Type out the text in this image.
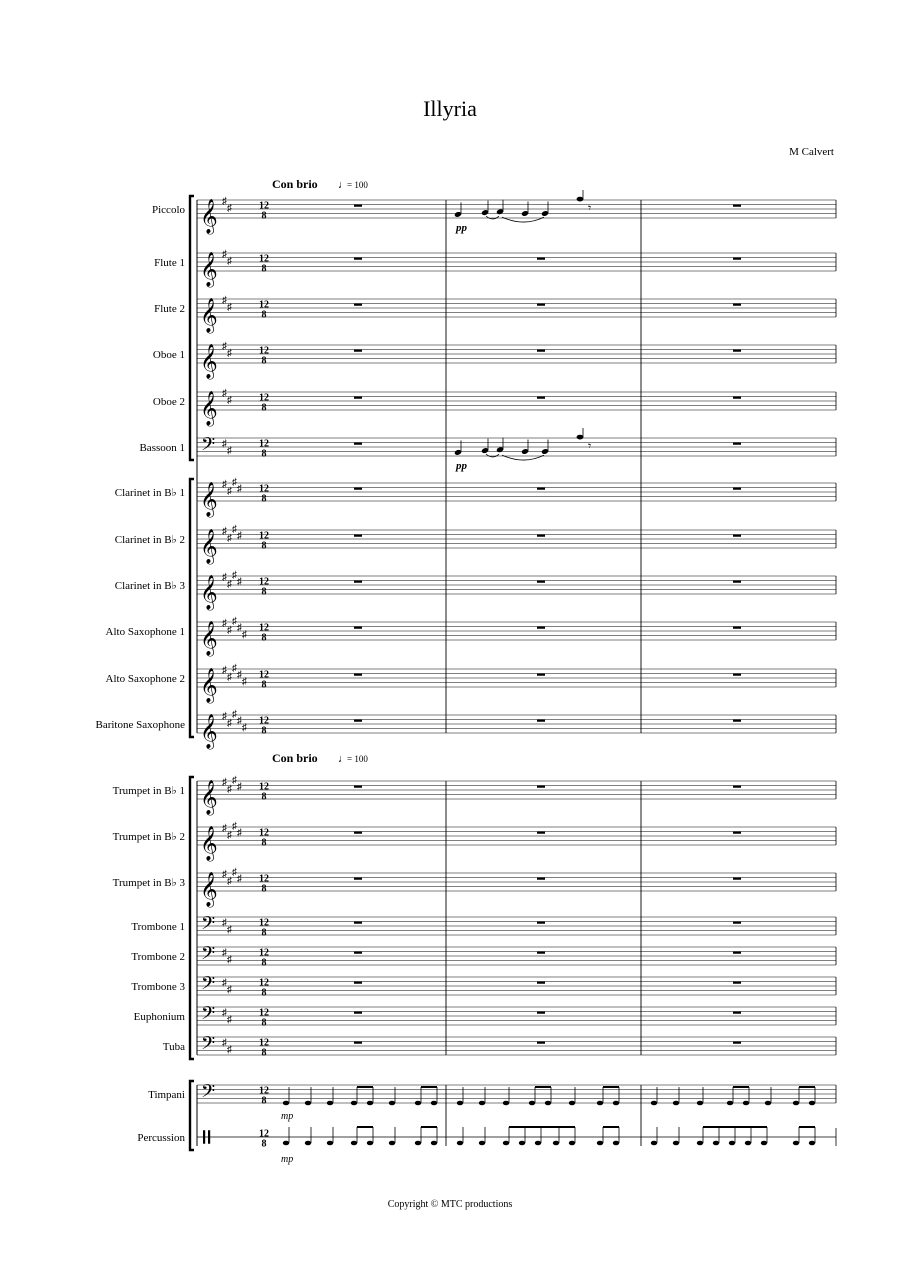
Illyria
M Calvert
Piccolo 𝄞 ♯
♯	12
8
Flute 1 𝄞 ♯
♯	12
8
Flute 2 𝄞 ♯
♯	12
8
Oboe 1 𝄞 ♯
♯	12
8
Oboe 2 𝄞 ♯
♯	12
8
Bassoon 1 𝄢 ♯
♯
12
8
Clarinet in B♭ 1 𝄞 ♯
♯
♯
♯ 12
8
Clarinet in B♭ 2 𝄞 ♯
♯
♯
♯ 12
8
Clarinet in B♭ 3 𝄞 ♯
♯
♯
♯ 12
8
Alto Saxophone 1 𝄞 ♯
♯
♯
♯
♯
12
8
Alto Saxophone 2 𝄞 ♯
♯
♯
♯
♯
12
8
Baritone Saxophone 𝄞 ♯
♯
♯
♯
♯
12
8
Trumpet in B♭ 1 𝄞 ♯
♯
♯
♯ 12
8
Trumpet in B♭ 2 𝄞 ♯
♯
♯
♯ 12
8
Trumpet in B♭ 3 𝄞 ♯
♯
♯
♯ 12
8
Trombone 1 𝄢 ♯
♯
12
8
Trombone 2 𝄢 ♯
♯
12
8
Trombone 3 𝄢 ♯
♯
12
8
Euphonium 𝄢 ♯
♯
12
8
Tuba 𝄢 ♯
♯
12
8
Timpani 𝄢	12
8
Percussion	12
8
Con brio ♩
= 100
Con brio ♩
= 100
𝄾
pp
𝄾
pp
mp
mp
Copyright © MTC productions
